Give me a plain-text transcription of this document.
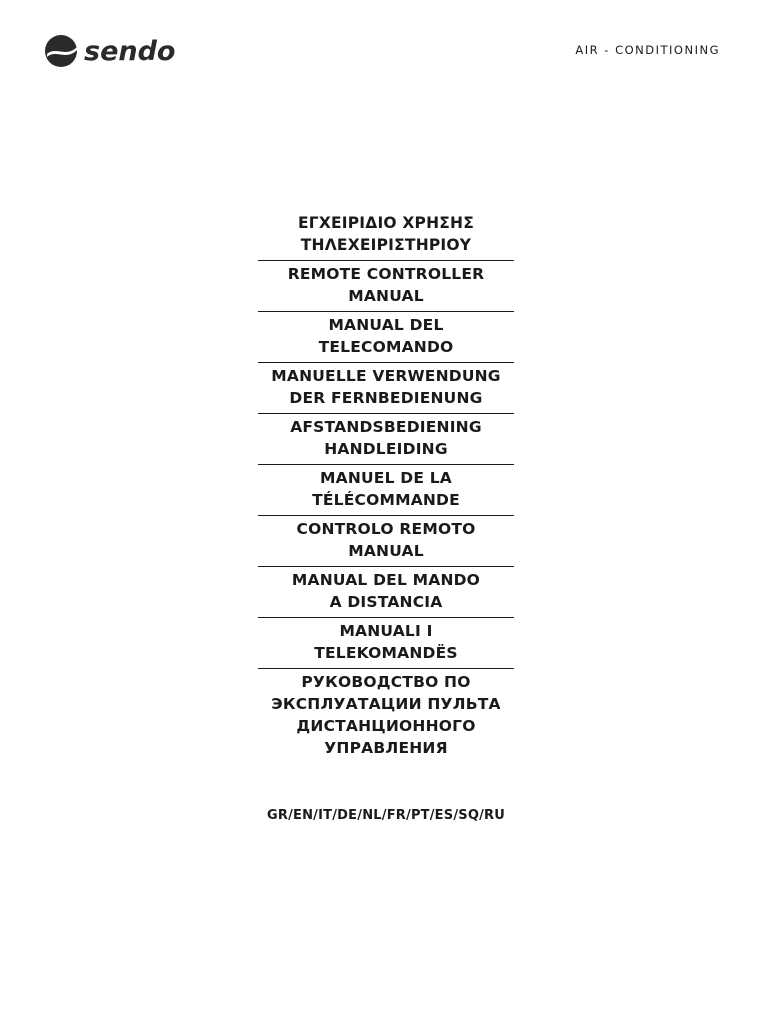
sendo	AIR - CONDITIONING
ΕΓΧΕΙΡΙΔΙΟ ΧΡΗΣΗΣ
ΤΗΛΕΧΕΙΡΙΣΤΗΡΙΟΥ
REMOTE CONTROLLER
MANUAL
MANUAL DEL
TELECOMANDO
MANUELLE VERWENDUNG
DER FERNBEDIENUNG
AFSTANDSBEDIENING
HANDLEIDING
MANUEL DE LA
TÉLÉCOMMANDE
CONTROLO REMOTO
MANUAL
MANUAL DEL MANDO
A DISTANCIA
MANUALI I
TELEKOMANDËS
РУКОВОДСТВО ПО
ЭКСПЛУАТАЦИИ ПУЛЬТА
ДИСТАНЦИОННОГО
УПРАВЛЕНИЯ
GR/EN/IT/DE/NL/FR/PT/ES/SQ/RU
